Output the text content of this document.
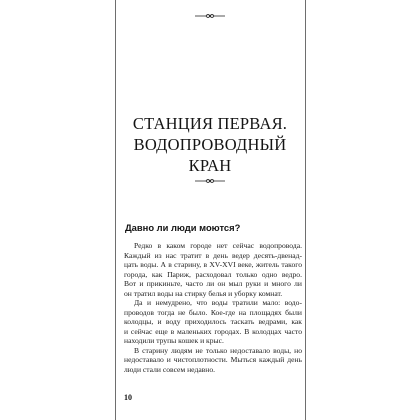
СТАНЦИЯ ПЕРВАЯ.
ВОДОПРОВОДНЫЙ КРАН
Давно ли люди моются?
Редко в каком городе нет сейчас водопровода.
Каждый из нас тратит в день ведер десять-двенад-
цать воды. А в старину, в XV-XVI веке, житель такого
города, как Париж, расходовал только одно ведро.
Вот и прикиньте, часто ли он мыл руки и много ли
он тратил воды на стирку белья и уборку комнат.
Да и немудрено, что воды тратили мало: водо-
проводов тогда не было. Кое-где на площадях были
колодцы, и воду приходилось таскать ведрами, как
и сейчас еще в маленьких городах. В колодцах часто
находили трупы кошек и крыс.
В старину людям не только недоставало воды, но
недоставало и чистоплотности. Мыться каждый день
люди стали совсем недавно.
10
